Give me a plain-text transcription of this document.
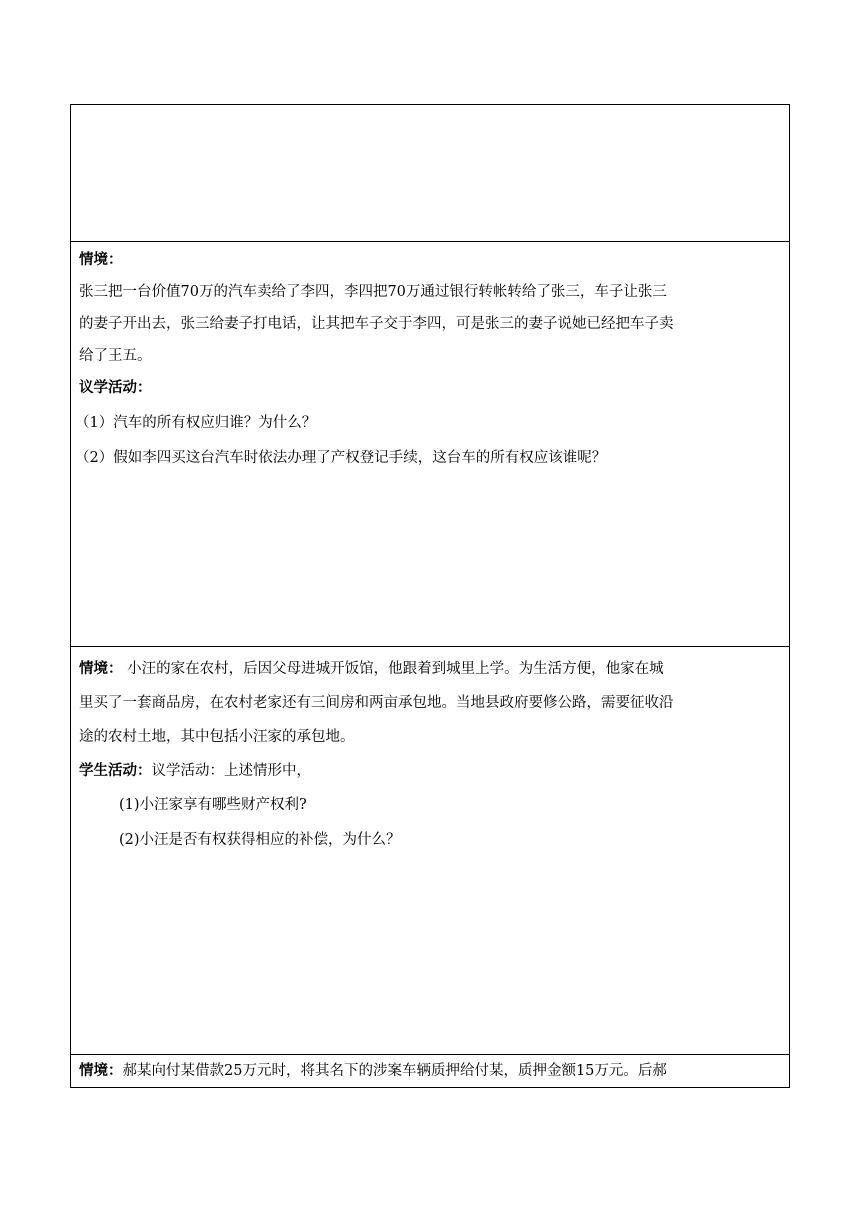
情境：
张三把一台价值70万的汽车卖给了李四，李四把70万通过银行转帐转给了张三，车子让张三
的妻子开出去，张三给妻子打电话，让其把车子交于李四，可是张三的妻子说她已经把车子卖
给了王五。
议学活动：
（1）汽车的所有权应归谁？为什么？
（2）假如李四买这台汽车时依法办理了产权登记手续，这台车的所有权应该谁呢？
情境： 小汪的家在农村，后因父母进城开饭馆，他跟着到城里上学。为生活方便，他家在城
里买了一套商品房，在农村老家还有三间房和两亩承包地。当地县政府要修公路，需要征收沿
途的农村土地，其中包括小汪家的承包地。
学生活动：议学活动：上述情形中，
(1)小汪家享有哪些财产权利?
(2)小汪是否有权获得相应的补偿，为什么？
情境：郝某向付某借款25万元时，将其名下的涉案车辆质押给付某，质押金额15万元。后郝
